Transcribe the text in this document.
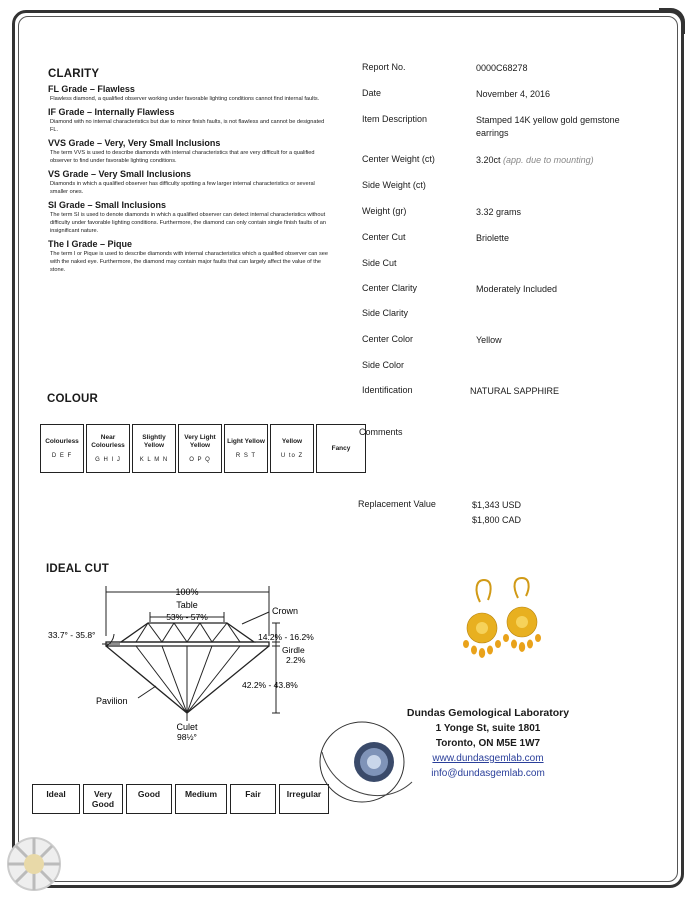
CLARITY
FL Grade – Flawless
Flawless diamond, a qualified observer working under favorable lighting conditions cannot find internal faults.
IF Grade – Internally Flawless
Diamond with no internal characteristics but due to minor finish faults, is not flawless and cannot be designated FL.
VVS Grade – Very, Very Small Inclusions
The term VVS is used to describe diamonds with internal characteristics that are very difficult for a qualified observer to find under favorable lighting conditions.
VS Grade – Very Small Inclusions
Diamonds in which a qualified observer has difficulty spotting a few larger internal characteristics or several smaller ones.
SI Grade – Small Inclusions
The term SI is used to denote diamonds in which a qualified observer can detect internal characteristics without difficulty under favorable lighting conditions. Furthermore, the diamond can only contain single finish faults of an insignificant nature.
The I Grade – Pique
The term I or Pique is used to describe diamonds with internal characteristics which a qualified observer can see with the naked eye. Furthermore, the diamond may contain major faults that can largely affect the value of the stone.
Report No.	0000C68278
Date	November 4, 2016
Item Description	Stamped 14K yellow gold gemstone earrings
Center Weight (ct)	3.20ct (app. due to mounting)
Side Weight (ct)
Weight (gr)	3.32 grams
Center Cut	Briolette
Side Cut
Center Clarity	Moderately Included
Side Clarity
Center Color	Yellow
Side Color
Identification	NATURAL SAPPHIRE
Comments
Replacement Value	$1,343 USD
$1,800 CAD
COLOUR
Colourless
D E F
Near Colourless
G H I J
Slightly Yellow
K L M N
Very Light Yellow
O P Q
Light Yellow
R S T
Yellow
U to Z
Fancy
IDEAL CUT
100%
Table
53% - 57%
Crown
33.7° - 35.8°	14.2% - 16.2%
Girdle
2.2%
42.2% - 43.8%
Pavilion
Culet
98½°
Ideal	Very Good
Good	Medium	Fair	Irregular
Dundas Gemological Laboratory
1 Yonge St, suite 1801
Toronto, ON M5E 1W7
www.dundasgemlab.com
info@dundasgemlab.com
